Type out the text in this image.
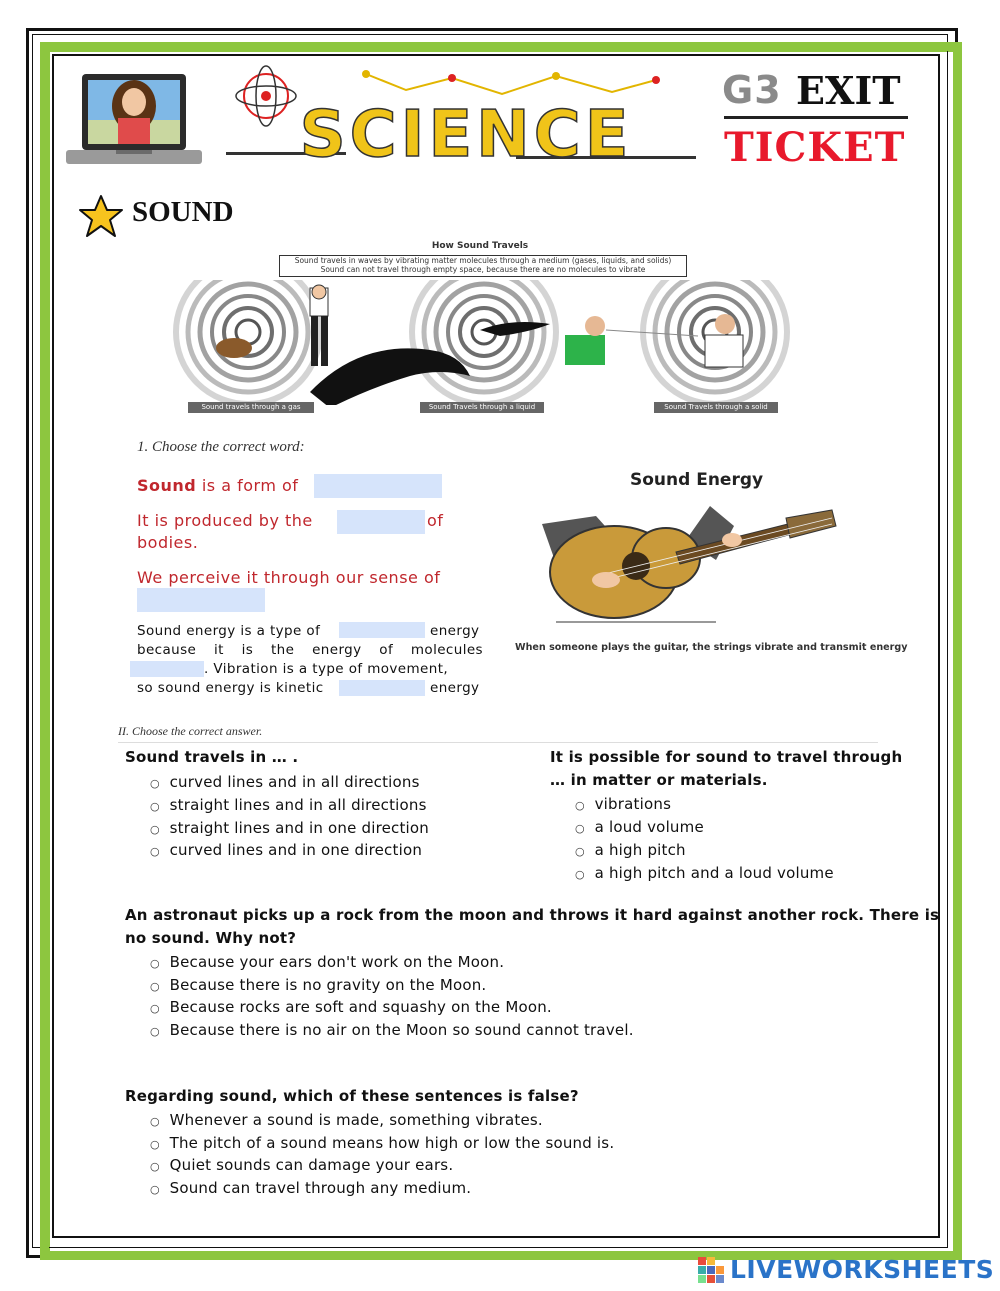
SCIENCE
G3 EXIT
TICKET
SOUND
How Sound Travels
Sound travels in waves by vibrating matter molecules through a medium (gases, liquids, and solids)
Sound can not travel through empty space, because there are no molecules to vibrate
Sound travels through a gas	Sound Travels through a liquid	Sound Travels through a solid
1. Choose the correct word:
Sound is a form of
It is produced by the	of
bodies.
We perceive it through our sense of
Sound energy is a type of	energy
because it is the energy of molecules
. Vibration is a type of movement,
so sound energy is kinetic	energy
Sound Energy
When someone plays the guitar, the strings vibrate and transmit energy
II. Choose the correct answer.
Sound travels in … .
○ curved lines and in all directions
○ straight lines and in all directions
○ straight lines and in one direction
○ curved lines and in one direction
It is possible for sound to travel through
… in matter or materials.
○ vibrations
○ a loud volume
○ a high pitch
○ a high pitch and a loud volume
An astronaut picks up a rock from the moon and throws it hard against another rock. There is
no sound. Why not?
○ Because your ears don't work on the Moon.
○ Because there is no gravity on the Moon.
○ Because rocks are soft and squashy on the Moon.
○ Because there is no air on the Moon so sound cannot travel.
Regarding sound, which of these sentences is false?
○ Whenever a sound is made, something vibrates.
○ The pitch of a sound means how high or low the sound is.
○ Quiet sounds can damage your ears.
○ Sound can travel through any medium.
LIVEWORKSHEETS
